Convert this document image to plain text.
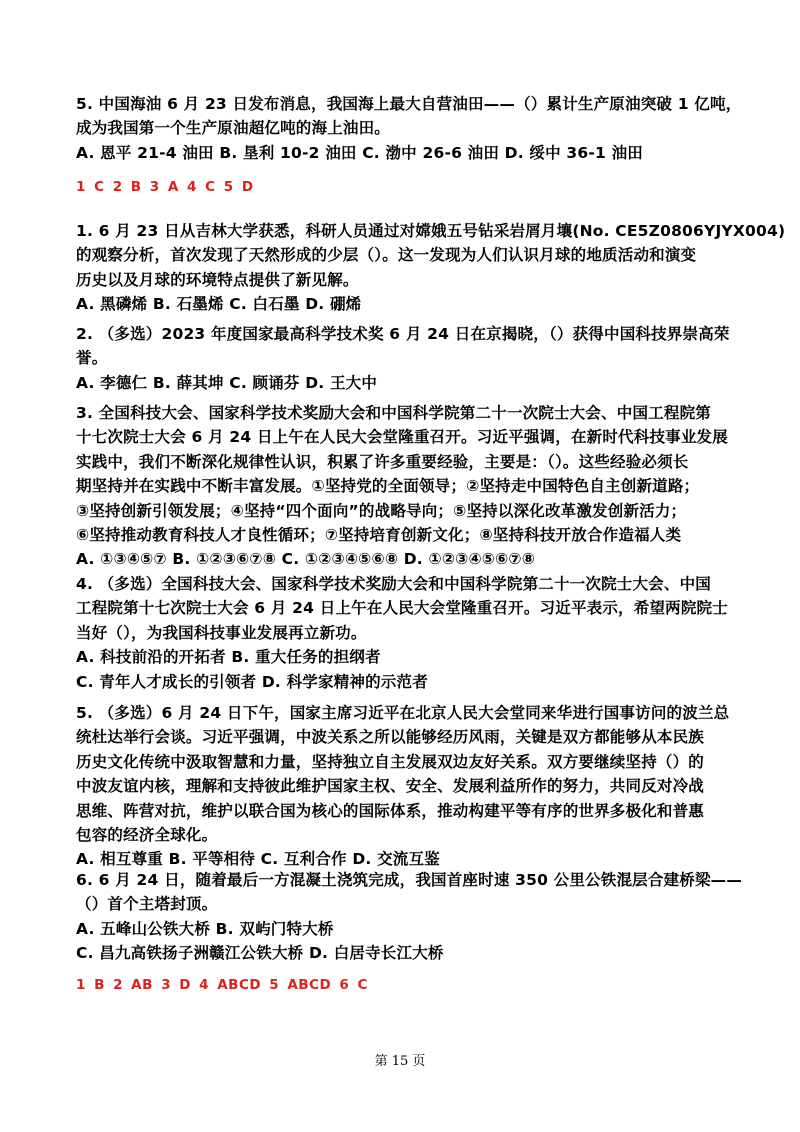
5. 中国海油 6 月 23 日发布消息，我国海上最大自营油田——（）累计生产原油突破 1 亿吨，
成为我国第一个生产原油超亿吨的海上油田。
A. 恩平 21-4 油田 B. 垦利 10-2 油田 C. 渤中 26-6 油田 D. 绥中 36-1 油田
1 C 2 B 3 A 4 C 5 D
1. 6 月 23 日从吉林大学获悉，科研人员通过对嫦娥五号钻采岩屑月壤(No. CE5Z0806YJYX004)
的观察分析，首次发现了天然形成的少层（）。这一发现为人们认识月球的地质活动和演变
历史以及月球的环境特点提供了新见解。
A. 黑磷烯 B. 石墨烯 C. 白石墨 D. 硼烯
2. （多选）2023 年度国家最高科学技术奖 6 月 24 日在京揭晓，（）获得中国科技界崇高荣
誉。
A. 李德仁 B. 薛其坤 C. 顾诵芬 D. 王大中
3. 全国科技大会、国家科学技术奖励大会和中国科学院第二十一次院士大会、中国工程院第
十七次院士大会 6 月 24 日上午在人民大会堂隆重召开。习近平强调，在新时代科技事业发展
实践中，我们不断深化规律性认识，积累了许多重要经验，主要是：（）。这些经验必须长
期坚持并在实践中不断丰富发展。①坚持党的全面领导；②坚持走中国特色自主创新道路；
③坚持创新引领发展；④坚持“四个面向”的战略导向；⑤坚持以深化改革激发创新活力；
⑥坚持推动教育科技人才良性循环；⑦坚持培育创新文化；⑧坚持科技开放合作造福人类
A. ①③④⑤⑦ B. ①②③⑥⑦⑧ C. ①②③④⑤⑥⑧ D. ①②③④⑤⑥⑦⑧
4. （多选）全国科技大会、国家科学技术奖励大会和中国科学院第二十一次院士大会、中国
工程院第十七次院士大会 6 月 24 日上午在人民大会堂隆重召开。习近平表示，希望两院院士
当好（），为我国科技事业发展再立新功。
A. 科技前沿的开拓者 B. 重大任务的担纲者
C. 青年人才成长的引领者 D. 科学家精神的示范者
5. （多选）6 月 24 日下午，国家主席习近平在北京人民大会堂同来华进行国事访问的波兰总
统杜达举行会谈。习近平强调，中波关系之所以能够经历风雨，关键是双方都能够从本民族
历史文化传统中汲取智慧和力量，坚持独立自主发展双边友好关系。双方要继续坚持（）的
中波友谊内核，理解和支持彼此维护国家主权、安全、发展利益所作的努力，共同反对冷战
思维、阵营对抗，维护以联合国为核心的国际体系，推动构建平等有序的世界多极化和普惠
包容的经济全球化。
A. 相互尊重 B. 平等相待 C. 互利合作 D. 交流互鉴
6. 6 月 24 日，随着最后一方混凝土浇筑完成，我国首座时速 350 公里公铁混层合建桥梁——
（）首个主塔封顶。
A. 五峰山公铁大桥 B. 双屿门特大桥
C. 昌九高铁扬子洲赣江公铁大桥 D. 白居寺长江大桥
1 B 2 AB 3 D 4 ABCD 5 ABCD 6 C
第 15 页
